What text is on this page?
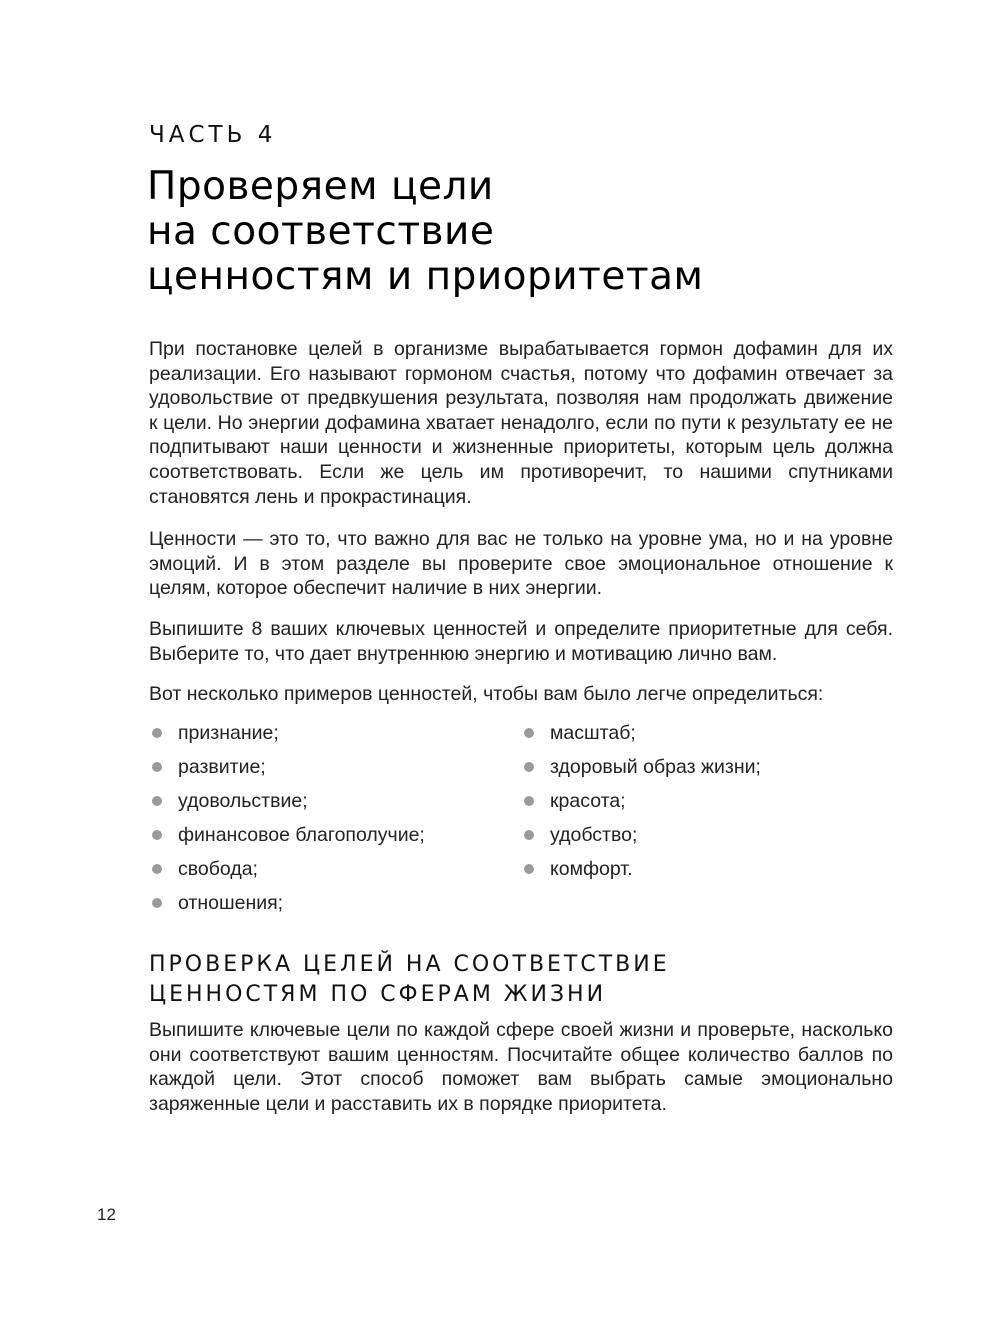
ЧАСТЬ 4
Проверяем цели
на соответствие
ценностям и приоритетам

При постановке целей в организме вырабатывается гормон дофамин для их реализации. Его называют гормоном счастья, потому что дофамин отвечает за удовольствие от предвкушения результата, позволяя нам продолжать движение к цели. Но энергии дофамина хватает ненадолго, если по пути к результату ее не подпитывают наши ценности и жизненные приоритеты, которым цель должна соответствовать. Если же цель им противоречит, то нашими спутниками становятся лень и прокрастинация.

Ценности — это то, что важно для вас не только на уровне ума, но и на уровне эмоций. И в этом разделе вы проверите свое эмоциональное отношение к целям, которое обеспечит наличие в них энергии.

Выпишите 8 ваших ключевых ценностей и определите приоритетные для себя. Выберите то, что дает внутреннюю энергию и мотивацию лично вам.

Вот несколько примеров ценностей, чтобы вам было легче определиться:

признание;
развитие;
удовольствие;
финансовое благополучие;
свобода;
отношения;
масштаб;
здоровый образ жизни;
красота;
удобство;
комфорт.
ПРОВЕРКА ЦЕЛЕЙ НА СООТВЕТСТВИЕ
ЦЕННОСТЯМ ПО СФЕРАМ ЖИЗНИ

Выпишите ключевые цели по каждой сфере своей жизни и проверьте, насколько они соответствуют вашим ценностям. Посчитайте общее количество баллов по каждой цели. Этот способ поможет вам выбрать самые эмоционально заряженные цели и расставить их в порядке приоритета.

12
